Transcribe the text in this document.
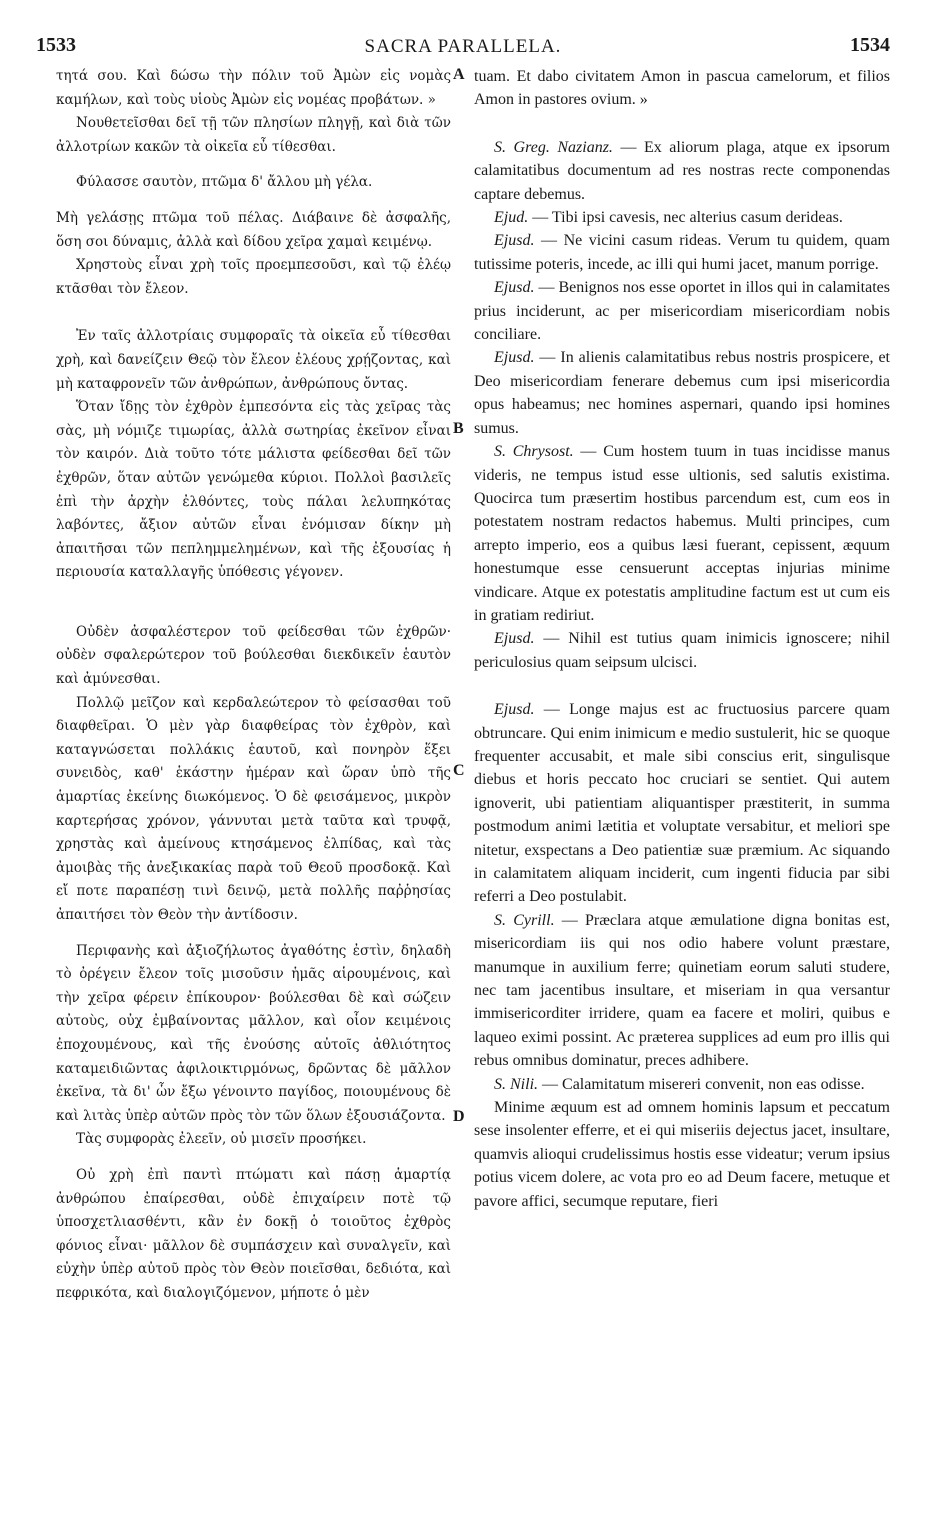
1533	SACRA PARALLELA.	1534
A
B
C
D

τητά σου. Καὶ δώσω τὴν πόλιν τοῦ Ἀμὼν εἰς νομὰς καμήλων, καὶ τοὺς υἱοὺς Ἀμὼν εἰς νομέας προβάτων. »

Νουθετεῖσθαι δεῖ τῇ τῶν πλησίων πληγῇ, καὶ διὰ τῶν ἀλλοτρίων κακῶν τὰ οἰκεῖα εὖ τίθεσθαι.

Φύλασσε σαυτὸν, πτῶμα δ' ἄλλου μὴ γέλα.

Μὴ γελάσῃς πτῶμα τοῦ πέλας. Διάβαινε δὲ ἀσφαλῆς, ὅση σοι δύναμις, ἀλλὰ καὶ δίδου χεῖρα χαμαὶ κειμένῳ.

Χρηστοὺς εἶναι χρὴ τοῖς προεμπεσοῦσι, καὶ τῷ ἐλέῳ κτᾶσθαι τὸν ἔλεον.

Ἐν ταῖς ἀλλοτρίαις συμφοραῖς τὰ οἰκεῖα εὖ τίθεσθαι χρὴ, καὶ δανείζειν Θεῷ τὸν ἔλεον ἐλέους χρῄζοντας, καὶ μὴ καταφρονεῖν τῶν ἀνθρώπων, ἀνθρώπους ὄντας.

Ὅταν ἴδῃς τὸν ἐχθρὸν ἐμπεσόντα εἰς τὰς χεῖρας τὰς σὰς, μὴ νόμιζε τιμωρίας, ἀλλὰ σωτηρίας ἐκεῖνον εἶναι τὸν καιρόν. Διὰ τοῦτο τότε μάλιστα φείδεσθαι δεῖ τῶν ἐχθρῶν, ὅταν αὐτῶν γενώμεθα κύριοι. Πολλοὶ βασιλεῖς ἐπὶ τὴν ἀρχὴν ἐλθόντες, τοὺς πάλαι λελυπηκότας λαβόντες, ἄξιον αὐτῶν εἶναι ἐνόμισαν δίκην μὴ ἀπαιτῆσαι τῶν πεπλημμελημένων, καὶ τῆς ἐξουσίας ἡ περιουσία καταλλαγῆς ὑπόθεσις γέγονεν.

Οὐδὲν ἀσφαλέστερον τοῦ φείδεσθαι τῶν ἐχθρῶν· οὐδὲν σφαλερώτερον τοῦ βούλεσθαι διεκδικεῖν ἑαυτὸν καὶ ἀμύνεσθαι.

Πολλῷ μεῖζον καὶ κερδαλεώτερον τὸ φείσασθαι τοῦ διαφθεῖραι. Ὁ μὲν γὰρ διαφθείρας τὸν ἐχθρὸν, καὶ καταγνώσεται πολλάκις ἑαυτοῦ, καὶ πονηρὸν ἕξει συνειδὸς, καθ' ἑκάστην ἡμέραν καὶ ὥραν ὑπὸ τῆς ἁμαρτίας ἐκείνης διωκόμενος. Ὁ δὲ φεισάμενος, μικρὸν καρτερήσας χρόνον, γάννυται μετὰ ταῦτα καὶ τρυφᾷ, χρηστὰς καὶ ἀμείνους κτησάμενος ἐλπίδας, καὶ τὰς ἀμοιβὰς τῆς ἀνεξικακίας παρὰ τοῦ Θεοῦ προσδοκᾷ. Καὶ εἴ ποτε παραπέσῃ τινὶ δεινῷ, μετὰ πολλῆς παῤῥησίας ἀπαιτήσει τὸν Θεὸν τὴν ἀντίδοσιν.

Περιφανὴς καὶ ἀξιοζήλωτος ἀγαθότης ἐστὶν, δηλαδὴ τὸ ὀρέγειν ἔλεον τοῖς μισοῦσιν ἡμᾶς αἱρουμένοις, καὶ τὴν χεῖρα φέρειν ἐπίκουρον· βούλεσθαι δὲ καὶ σώζειν αὐτοὺς, οὐχ ἐμβαίνοντας μᾶλλον, καὶ οἷον κειμένοις ἐποχουμένους, καὶ τῆς ἐνούσης αὐτοῖς ἀθλιότητος καταμειδιῶντας ἀφιλοικτιρμόνως, δρῶντας δὲ μᾶλλον ἐκεῖνα, τὰ δι' ὧν ἔξω γένοιντο παγίδος, ποιουμένους δὲ καὶ λιτὰς ὑπὲρ αὐτῶν πρὸς τὸν τῶν ὅλων ἐξουσιάζοντα.

Τὰς συμφορὰς ἐλεεῖν, οὐ μισεῖν προσήκει.

Οὐ χρὴ ἐπὶ παντὶ πτώματι καὶ πάσῃ ἁμαρτίᾳ ἀνθρώπου ἐπαίρεσθαι, οὐδὲ ἐπιχαίρειν ποτὲ τῷ ὑποσχετλιασθέντι, κἂν ἐν δοκῇ ὁ τοιοῦτος ἐχθρὸς φόνιος εἶναι· μᾶλλον δὲ συμπάσχειν καὶ συναλγεῖν, καὶ εὐχὴν ὑπὲρ αὐτοῦ πρὸς τὸν Θεὸν ποιεῖσθαι, δεδιότα, καὶ πεφρικότα, καὶ διαλογιζόμενον, μήποτε ὁ μὲν

tuam. Et dabo civitatem Amon in pascua camelorum, et filios Amon in pastores ovium. »

S. Greg. Nazianz. — Ex aliorum plaga, atque ex ipsorum calamitatibus documentum ad res nostras recte componendas captare debemus.

Ejud. — Tibi ipsi cavesis, nec alterius casum derideas.

Ejusd. — Ne vicini casum rideas. Verum tu quidem, quam tutissime poteris, incede, ac illi qui humi jacet, manum porrige.

Ejusd. — Benignos nos esse oportet in illos qui in calamitates prius inciderunt, ac per misericordiam misericordiam nobis conciliare.

Ejusd. — In alienis calamitatibus rebus nostris prospicere, et Deo misericordiam fenerare debemus cum ipsi misericordia opus habeamus; nec homines aspernari, quando ipsi homines sumus.

S. Chrysost. — Cum hostem tuum in tuas incidisse manus videris, ne tempus istud esse ultionis, sed salutis existima. Quocirca tum præsertim hostibus parcendum est, cum eos in potestatem nostram redactos habemus. Multi principes, cum arrepto imperio, eos a quibus læsi fuerant, cepissent, æquum honestumque esse censuerunt acceptas injurias minime vindicare. Atque ex potestatis amplitudine factum est ut cum eis in gratiam rediriut.

Ejusd. — Nihil est tutius quam inimicis ignoscere; nihil periculosius quam seipsum ulcisci.

Ejusd. — Longe majus est ac fructuosius parcere quam obtruncare. Qui enim inimicum e medio sustulerit, hic se quoque frequenter accusabit, et male sibi conscius erit, singulisque diebus et horis peccato hoc cruciari se sentiet. Qui autem ignoverit, ubi patientiam aliquantisper præstiterit, in summa postmodum animi lætitia et voluptate versabitur, et meliori spe nitetur, exspectans a Deo patientiæ suæ præmium. Ac siquando in calamitatem aliquam inciderit, cum ingenti fiducia par sibi referri a Deo postulabit.

S. Cyrill. — Præclara atque æmulatione digna bonitas est, misericordiam iis qui nos odio habere volunt præstare, manumque in auxilium ferre; quinetiam eorum saluti studere, nec tam jacentibus insultare, et miseriam in qua versantur immisericorditer irridere, quam ea facere et moliri, quibus e laqueo eximi possint. Ac præterea supplices ad eum pro illis qui rebus omnibus dominatur, preces adhibere.

S. Nili. — Calamitatum misereri convenit, non eas odisse.

Minime æquum est ad omnem hominis lapsum et peccatum sese insolenter efferre, et ei qui miseriis dejectus jacet, insultare, quamvis alioqui crudelissimus hostis esse videatur; verum ipsius potius vicem dolere, ac vota pro eo ad Deum facere, metuque et pavore affici, secumque reputare, fieri
